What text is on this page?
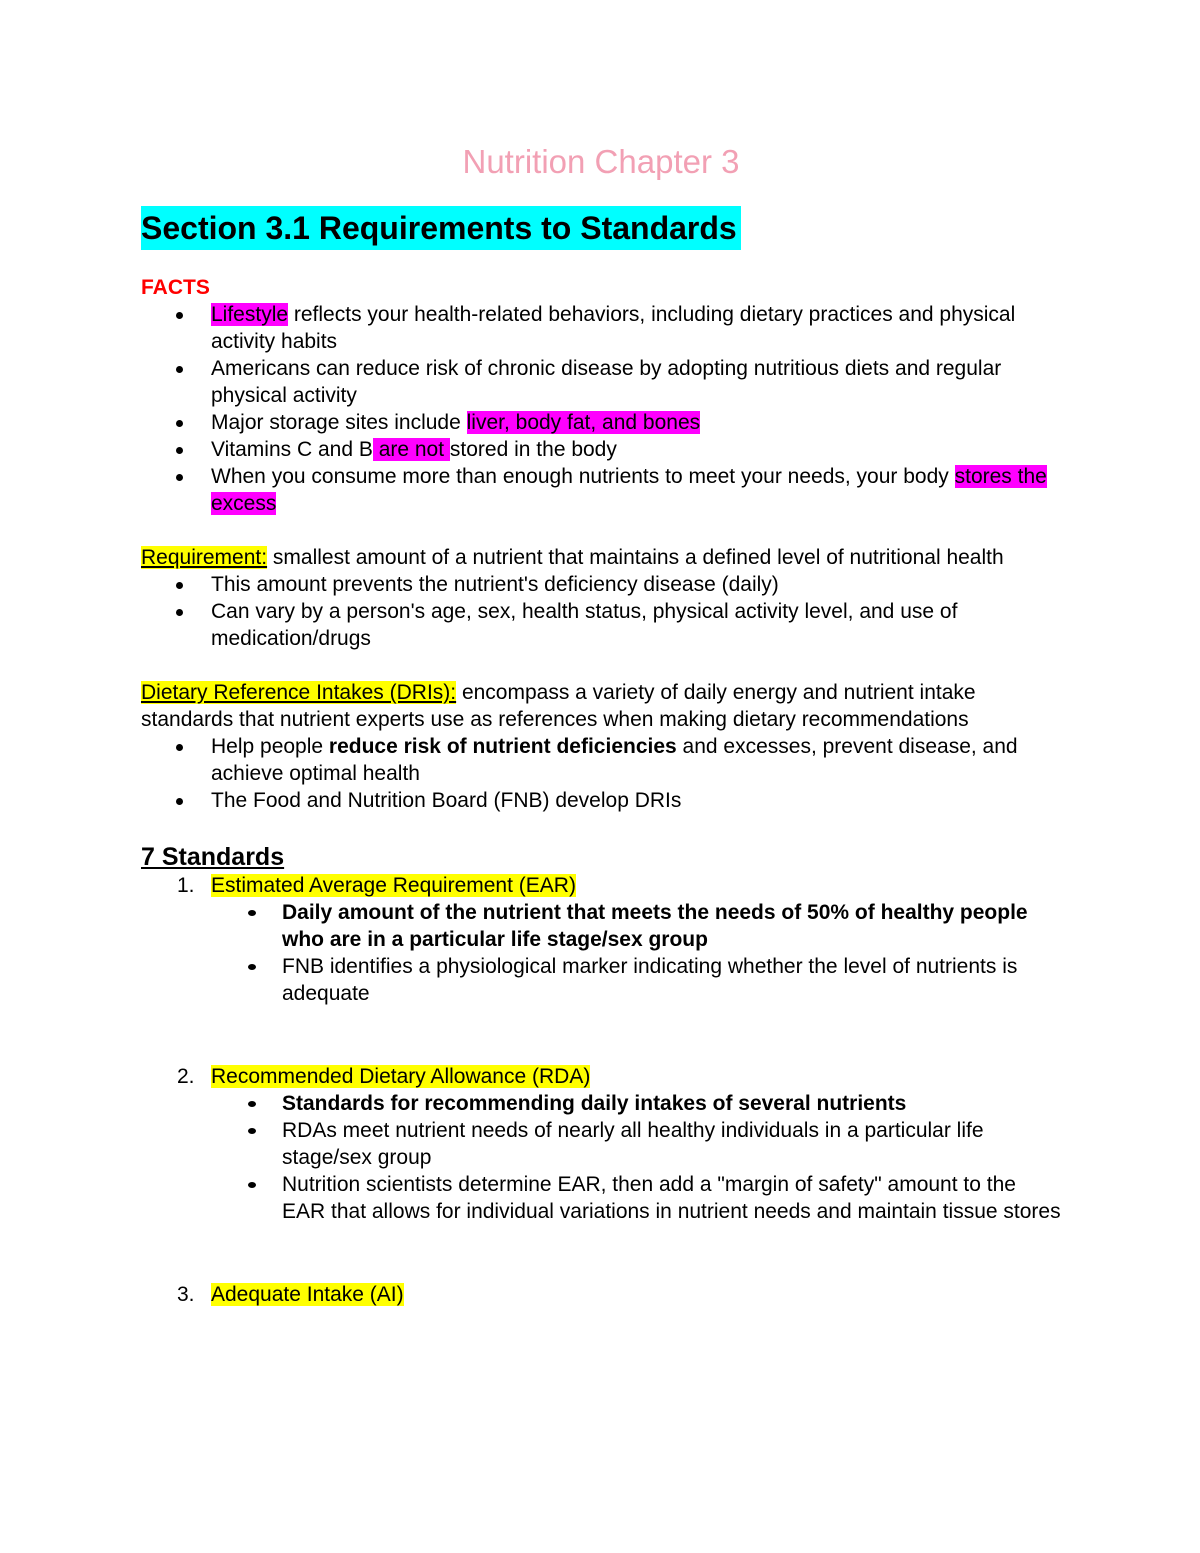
Nutrition Chapter 3
Section 3.1 Requirements to Standards
FACTS
Lifestyle reflects your health-related behaviors, including dietary practices and physical activity habits
Americans can reduce risk of chronic disease by adopting nutritious diets and regular physical activity
Major storage sites include liver, body fat, and bones
Vitamins C and B are not stored in the body
When you consume more than enough nutrients to meet your needs, your body stores the excess
Requirement: smallest amount of a nutrient that maintains a defined level of nutritional health
This amount prevents the nutrient's deficiency disease (daily)
Can vary by a person's age, sex, health status, physical activity level, and use of medication/drugs
Dietary Reference Intakes (DRIs): encompass a variety of daily energy and nutrient intake standards that nutrient experts use as references when making dietary recommendations
Help people reduce risk of nutrient deficiencies and excesses, prevent disease, and achieve optimal health
The Food and Nutrition Board (FNB) develop DRIs
7 Standards
1. Estimated Average Requirement (EAR)
Daily amount of the nutrient that meets the needs of 50% of healthy people who are in a particular life stage/sex group
FNB identifies a physiological marker indicating whether the level of nutrients is adequate
2. Recommended Dietary Allowance (RDA)
Standards for recommending daily intakes of several nutrients
RDAs meet nutrient needs of nearly all healthy individuals in a particular life stage/sex group
Nutrition scientists determine EAR, then add a "margin of safety" amount to the EAR that allows for individual variations in nutrient needs and maintain tissue stores
3. Adequate Intake (AI)
